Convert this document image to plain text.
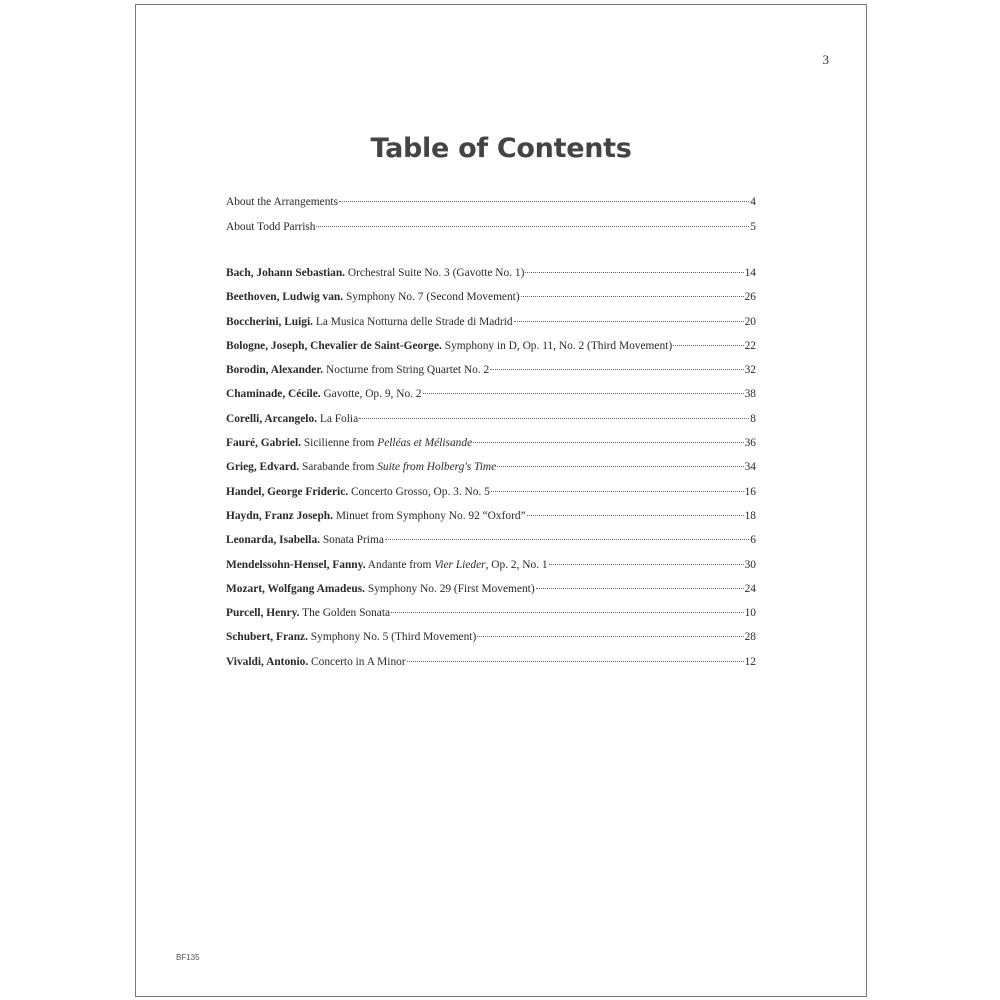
3
Table of Contents
About the Arrangements	4
About Todd Parrish	5
Bach, Johann Sebastian. Orchestral Suite No. 3 (Gavotte No. 1)	14
Beethoven, Ludwig van. Symphony No. 7 (Second Movement)	26
Boccherini, Luigi. La Musica Notturna delle Strade di Madrid	20
Bologne, Joseph, Chevalier de Saint-George. Symphony in D, Op. 11, No. 2 (Third Movement)	22
Borodin, Alexander. Nocturne from String Quartet No. 2	32
Chaminade, Cécile. Gavotte, Op. 9, No. 2	38
Corelli, Arcangelo. La Folia	8
Fauré, Gabriel. Sicilienne from Pelléas et Mélisande	36
Grieg, Edvard. Sarabande from Suite from Holberg's Time	34
Handel, George Frideric. Concerto Grosso, Op. 3. No. 5	16
Haydn, Franz Joseph. Minuet from Symphony No. 92 “Oxford”	18
Leonarda, Isabella. Sonata Prima	6
Mendelssohn-Hensel, Fanny. Andante from Vier Lieder, Op. 2, No. 1	30
Mozart, Wolfgang Amadeus. Symphony No. 29 (First Movement)	24
Purcell, Henry. The Golden Sonata	10
Schubert, Franz. Symphony No. 5 (Third Movement)	28
Vivaldi, Antonio. Concerto in A Minor	12
BF135
